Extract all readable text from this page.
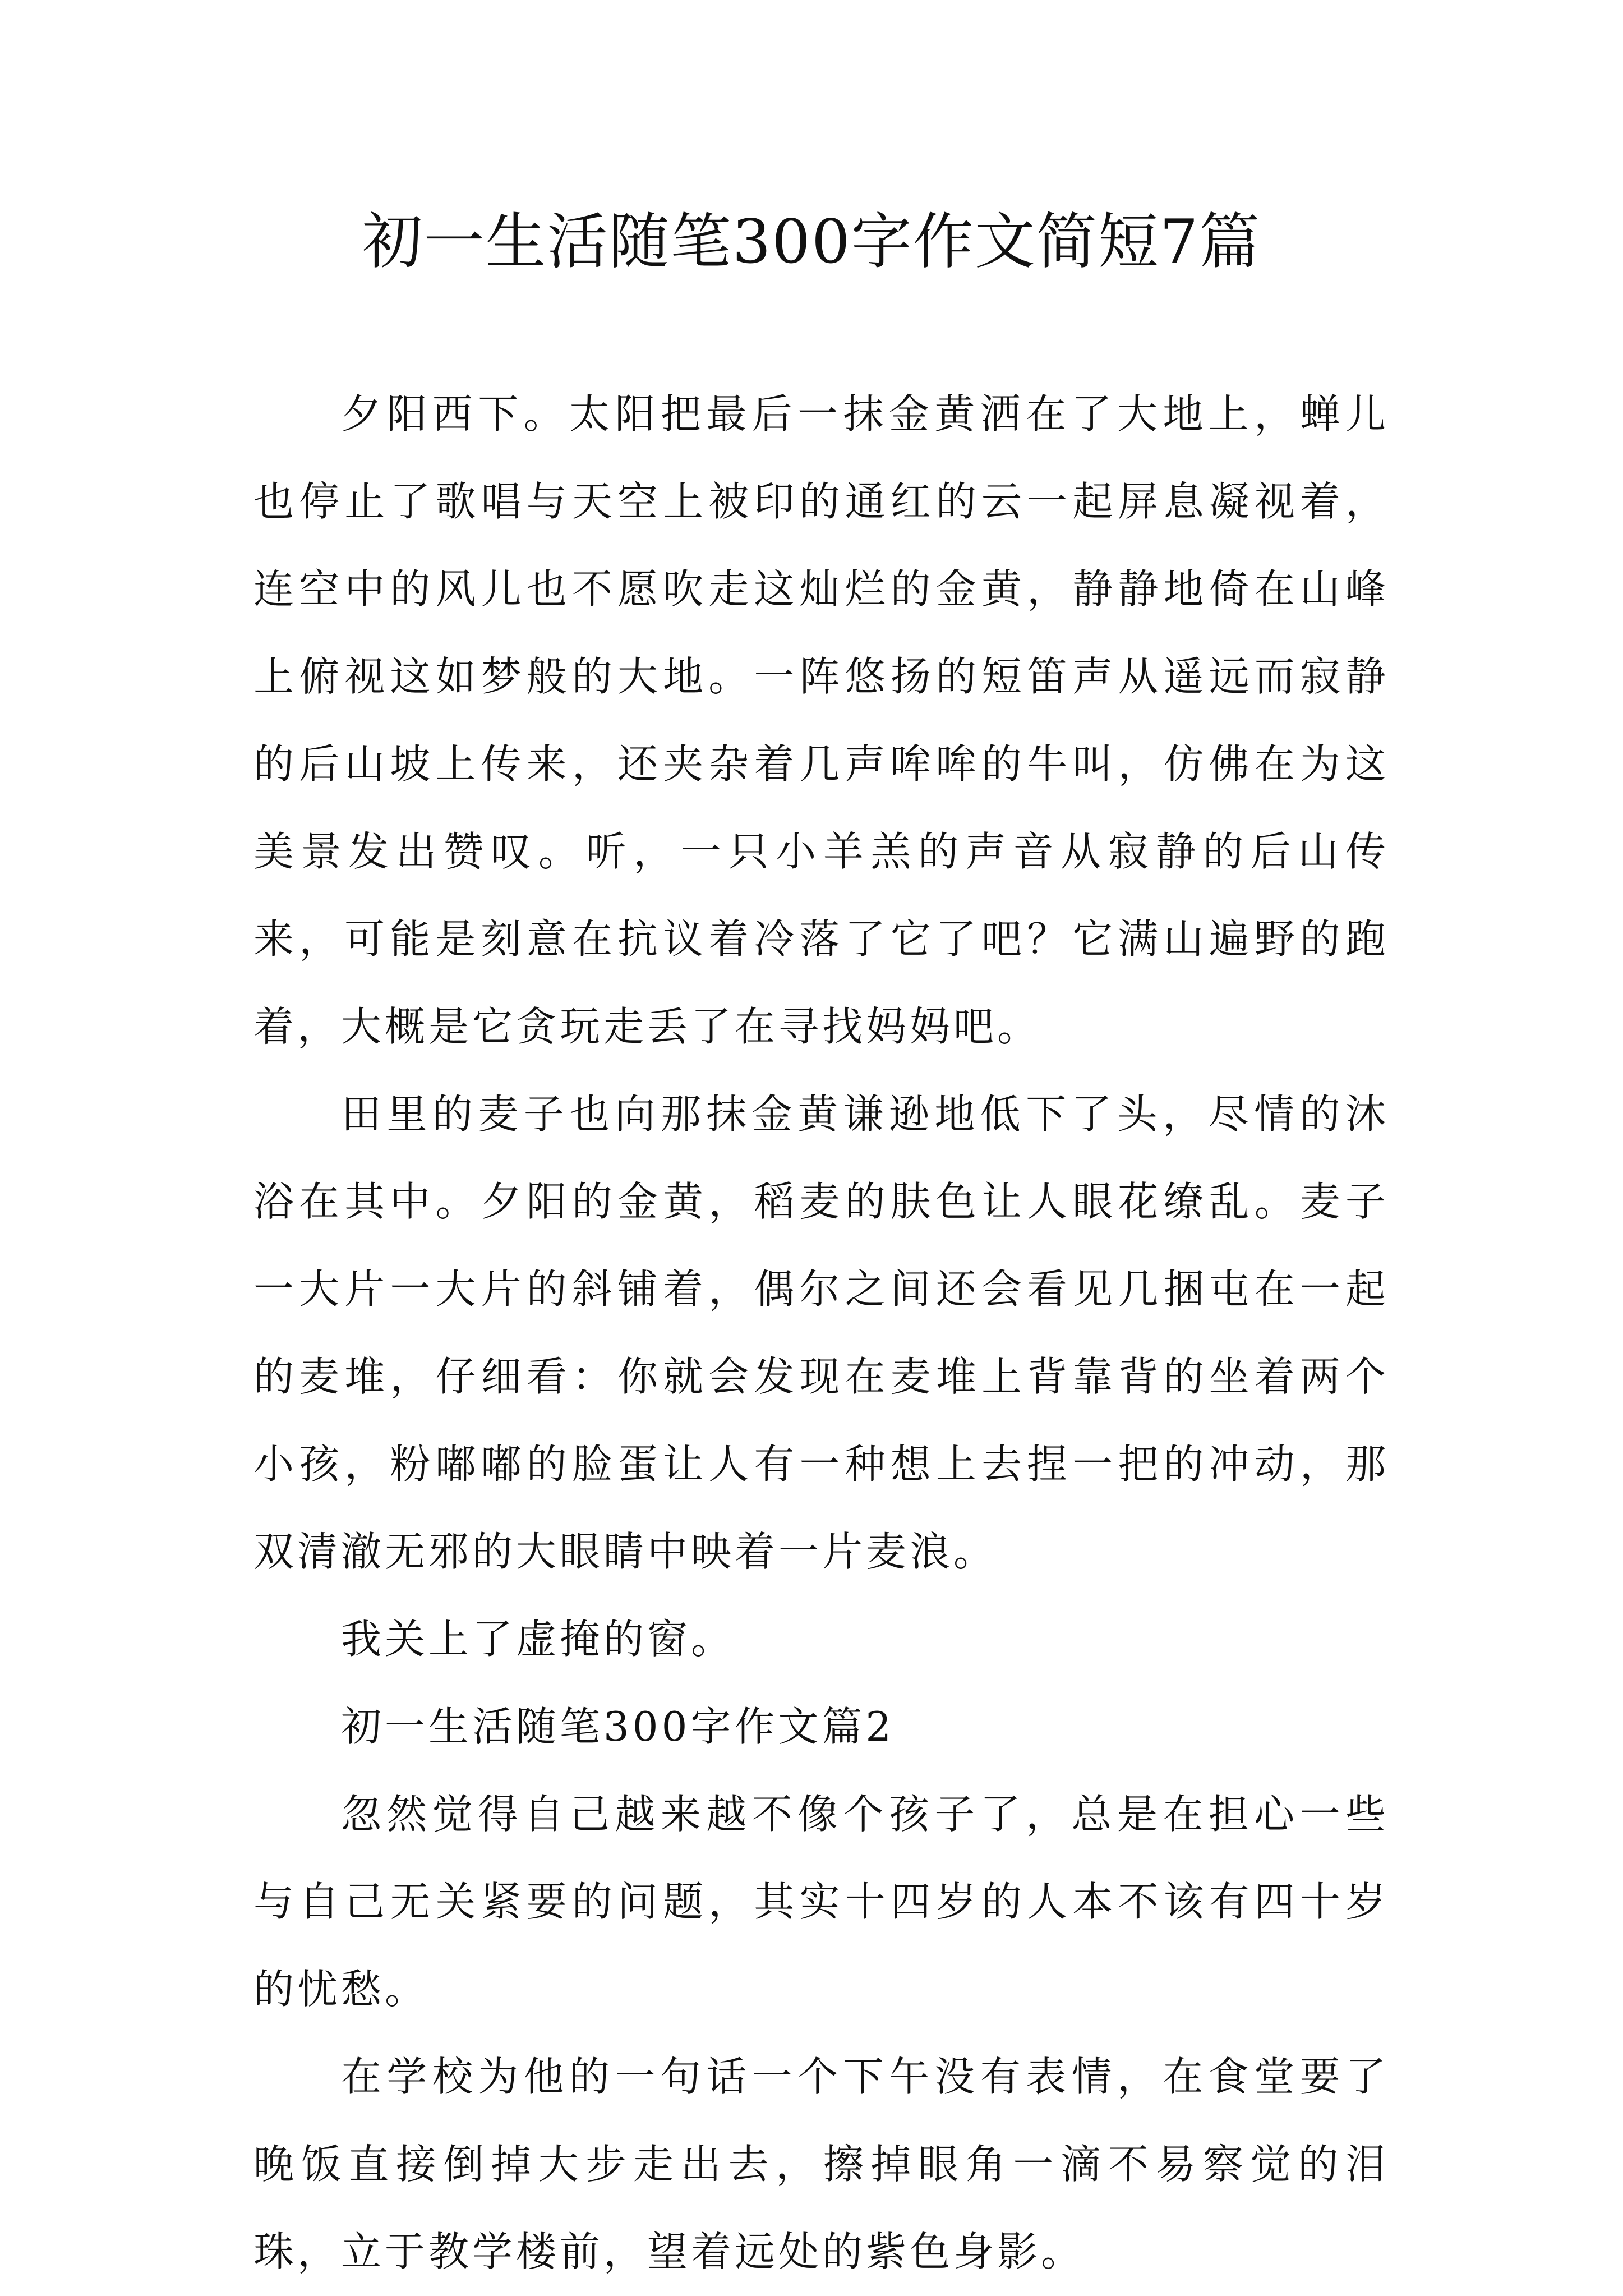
初一生活随笔300字作文简短7篇

夕阳西下。太阳把最后一抹金黄洒在了大地上，蝉儿也停止了歌唱与天空上被印的通红的云一起屏息凝视着，连空中的风儿也不愿吹走这灿烂的金黄，静静地倚在山峰上俯视这如梦般的大地。一阵悠扬的短笛声从遥远而寂静的后山坡上传来，还夹杂着几声哞哞的牛叫，仿佛在为这美景发出赞叹。听，一只小羊羔的声音从寂静的后山传来，可能是刻意在抗议着冷落了它了吧？它满山遍野的跑着，大概是它贪玩走丢了在寻找妈妈吧。

田里的麦子也向那抹金黄谦逊地低下了头，尽情的沐浴在其中。夕阳的金黄，稻麦的肤色让人眼花缭乱。麦子一大片一大片的斜铺着，偶尔之间还会看见几捆屯在一起的麦堆，仔细看：你就会发现在麦堆上背靠背的坐着两个小孩，粉嘟嘟的脸蛋让人有一种想上去捏一把的冲动，那双清澈无邪的大眼睛中映着一片麦浪。

我关上了虚掩的窗。

初一生活随笔300字作文篇2

忽然觉得自己越来越不像个孩子了，总是在担心一些与自己无关紧要的问题，其实十四岁的人本不该有四十岁的忧愁。

在学校为他的一句话一个下午没有表情，在食堂要了晚饭直接倒掉大步走出去，擦掉眼角一滴不易察觉的泪珠，立于教学楼前，望着远处的紫色身影。
